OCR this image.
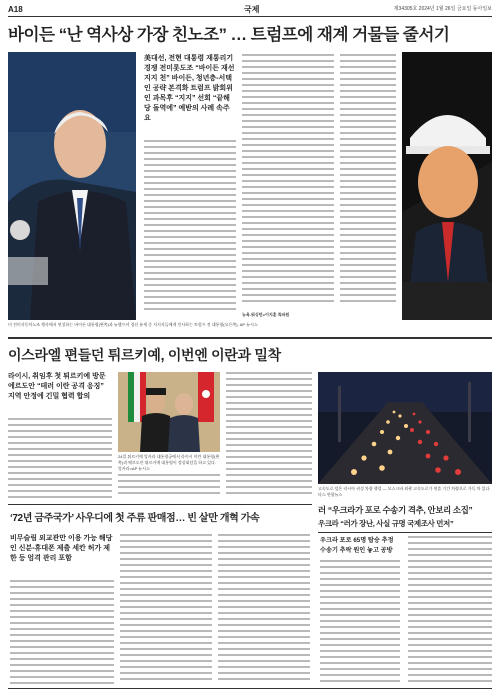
A18	국제	제34305호 2024년 1월 26일 금요일 동아일보
바이든 “난 역사상 가장 친노조” … 트럼프에 재계 거물들 줄서기
美대선, 전현 대통령 재통리기 경쟁 전미롯도조 “바이든 재선지지 천” 바이든, 청년층-서택인 공략 본격화 트럼프 밝회위인 과목후 “지지” 선회 “끝해당 돌역에” 예받의 사례 속주요
뉴욕-워싱턴=이지훈 특파원
미 전미자동차노조 행사에서 연설하는 바이든 대통령(왼쪽)과 뉴햄프셔 경선 유세 중 지지자들에게 인사하는 트럼프 전 대통령(오른쪽). AP 뉴시스
이스라엘 편들던 튀르키예, 이번엔 이란과 밀착
라이시, 취임후 첫 튀르키예 방문 에르도안 “테러 이란 공격 응징” 지역 안정에 긴밀 협력 합의
24일 튀르키예 앙카라 대통령궁에서 라이시 이란 대통령(왼쪽)과 에르도안 튀르키예 대통령이 정상회담을 하고 있다. 앙카라=AP 뉴시스
고속도로 덮은 러시아 귀성 차량 행렬 — 모스크바 외곽 고속도로가 연휴 기간 차량으로 가득 차 있다. 타스 연합뉴스
러 “우크라가 포로 수송기 격추, 안보리 소집”
우크라 “러가 장난, 사실 규명 국제조사 먼저”
‘72년 금주국가’ 사우디에 첫 주류 판매점… 빈 살만 개혁 가속
비무슬림 외교관만 이용 가능 해당 인 신분-휴대폰 제출 세칸 허가 제한 등 엄격 관리 포함
우크라 포로 65명 탑승 추정
수송기 추락 원인 놓고 공방
